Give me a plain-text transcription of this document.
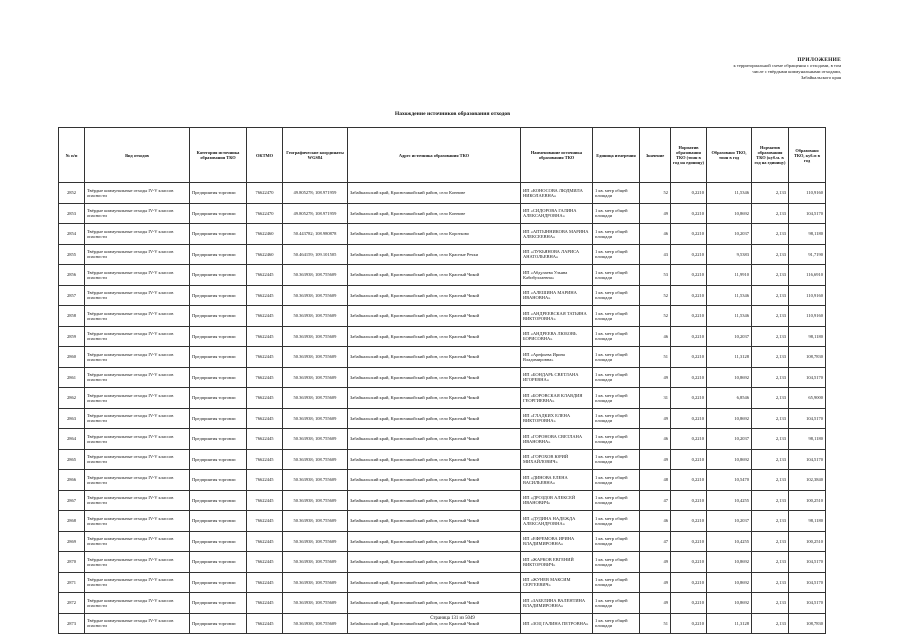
ПРИЛОЖЕНИЕ
к территориальной схеме обращения с отходами, в том
числе с твёрдыми коммунальными отходами,
Забайкальского края
Нахождение источников образования отходов
№ п/п	Вид отходов	Категория источника образования ТКО	ОКТМО	Географические координаты WGS84	Адрес источника образования ТКО	Наименование источника образования ТКО	Единица измерения	Значение	Норматив образования ТКО (тонн в год на единицу)	Образовано ТКО, тонн в год	Норматив образования ТКО (куб.м. в год на единицу)	Образовано ТКО, куб.м в год
2852	Твёрдые коммунальные отходы IV-V классов опасности	Предприятия торговли	76622470	49.805278; 108.971959	Забайкальский край, Красночикойский район, село Коннове	ИП «КОНОСОВА ЛЮДМИЛА НИКОЛАЕВНА»	1 кв. метр общей площади	52	0,2210	11,5346	2,133	110,9160
2853	Твёрдые коммунальные отходы IV-V классов опасности	Предприятия торговли	76622470	49.805278; 108.971959	Забайкальский край, Красночикойский район, село Коннове	ИП «СИДОРОВА ГАЛИНА АЛЕКСАНДРОВНА»	1 кв. метр общей площади	49	0,2210	10,8692	2,133	104,5170
2854	Твёрдые коммунальные отходы IV-V классов опасности	Предприятия торговли	76622460	50.443782; 108.980878	Забайкальский край, Красночикойский район, село Коротково	ИП «АПТЫННИКОВА МАРИНА АЛЕКСЕЕВНА»	1 кв. метр общей площади	46	0,2210	10,2037	2,133	98,1180
2855	Твёрдые коммунальные отходы IV-V классов опасности	Предприятия торговли	76622460	50.464159; 109.101505	Забайкальский край, Красночикойский район, село Красные Речки	ИП «ЛУКЬЯНОВА ЛАРИСА АНАТОЛЬЕВНА»	1 кв. метр общей площади	43	0,2210	9,5383	2,133	91,7190
2856	Твёрдые коммунальные отходы IV-V классов опасности	Предприятия торговли	76622445	50.363938; 108.755609	Забайкальский край, Красночикойский район, село Красный Чикой	ИП «Абдулаева Ульяна Кабибуллаевна»	1 кв. метр общей площади	53	0,2210	11,9910	2,133	116,6910
2857	Твёрдые коммунальные отходы IV-V классов опасности	Предприятия торговли	76622445	50.363938; 108.755609	Забайкальский край, Красночикойский район, село Красный Чикой	ИП «АЛЕШИНА МАРИНА ИВАНОВНА»	1 кв. метр общей площади	52	0,2210	11,5346	2,133	110,9160
2858	Твёрдые коммунальные отходы IV-V классов опасности	Предприятия торговли	76622445	50.363938; 108.755609	Забайкальский край, Красночикойский район, село Красный Чикой	ИП «АНДРЕЕВСКАЯ ТАТЬЯНА ВИКТОРОВНА»	1 кв. метр общей площади	52	0,2210	11,5346	2,133	110,9160
2859	Твёрдые коммунальные отходы IV-V классов опасности	Предприятия торговли	76622445	50.363938; 108.755609	Забайкальский край, Красночикойский район, село Красный Чикой	ИП «АНДРЕЕВА ЛЮБОВЬ БОРИСОВНА»	1 кв. метр общей площади	46	0,2210	10,2037	2,133	98,1180
2860	Твёрдые коммунальные отходы IV-V классов опасности	Предприятия торговли	76622445	50.363938; 108.755609	Забайкальский край, Красночикойский район, село Красный Чикой	ИП «Арефьева Ирина Владимировна»	1 кв. метр общей площади	51	0,2210	11,3128	2,133	108,7830
2861	Твёрдые коммунальные отходы IV-V классов опасности	Предприятия торговли	76622445	50.363938; 108.755609	Забайкальский край, Красночикойский район, село Красный Чикой	ИП «БОНДАРЬ СВЕТЛАНА ИГОРЕВНА»	1 кв. метр общей площади	49	0,2210	10,8692	2,133	104,5170
2862	Твёрдые коммунальные отходы IV-V классов опасности	Предприятия торговли	76622445	50.363938; 108.755609	Забайкальский край, Красночикойский район, село Красный Чикой	ИП «БОРОВСКАЯ КЛАВДИЯ ГЕОРГИЕВНА»	1 кв. метр общей площади	31	0,2210	6,8546	2,133	65,9000
2863	Твёрдые коммунальные отходы IV-V классов опасности	Предприятия торговли	76622445	50.363938; 108.755609	Забайкальский край, Красночикойский район, село Красный Чикой	ИП «ГЛАДКИХ ЕЛЕНА ВИКТОРОВНА»	1 кв. метр общей площади	49	0,2210	10,8692	2,133	104,5170
2864	Твёрдые коммунальные отходы IV-V классов опасности	Предприятия торговли	76622445	50.363938; 108.755609	Забайкальский край, Красночикойский район, село Красный Чикой	ИП «ГОРОНОВА СВЕТЛАНА ИВАНОВНА»	1 кв. метр общей площади	46	0,2210	10,2037	2,133	98,1180
2865	Твёрдые коммунальные отходы IV-V классов опасности	Предприятия торговли	76622445	50.363938; 108.755609	Забайкальский край, Красночикойский район, село Красный Чикой	ИП «ГОРОХОВ ЮРИЙ МИХАЙЛОВИЧ»	1 кв. метр общей площади	49	0,2210	10,8692	2,133	104,5170
2866	Твёрдые коммунальные отходы IV-V классов опасности	Предприятия торговли	76622445	50.363938; 108.755609	Забайкальский край, Красночикойский район, село Красный Чикой	ИП «ДИНОВА ЕЛЕНА ВАСИЛЬЕВНА»	1 кв. метр общей площади	48	0,2210	10,5470	2,133	102,3840
2867	Твёрдые коммунальные отходы IV-V классов опасности	Предприятия торговли	76622445	50.363938; 108.755609	Забайкальский край, Красночикойский район, село Красный Чикой	ИП «ДРОЗДОВ АЛЕКСЕЙ ИВАНОВИЧ»	1 кв. метр общей площади	47	0,2210	10,4255	2,133	100,2510
2868	Твёрдые коммунальные отходы IV-V классов опасности	Предприятия торговли	76622445	50.363938; 108.755609	Забайкальский край, Красночикойский район, село Красный Чикой	ИП «ДУДИНА НАДЕЖДА АЛЕКСАНДРОВНА»	1 кв. метр общей площади	46	0,2210	10,2037	2,133	98,1180
2869	Твёрдые коммунальные отходы IV-V классов опасности	Предприятия торговли	76622445	50.363938; 108.755609	Забайкальский край, Красночикойский район, село Красный Чикой	ИП «ЕФРЕМОВА ИРИНА ВЛАДИМИРОВНА»	1 кв. метр общей площади	47	0,2210	10,4255	2,133	100,2510
2870	Твёрдые коммунальные отходы IV-V классов опасности	Предприятия торговли	76622445	50.363938; 108.755609	Забайкальский край, Красночикойский район, село Красный Чикой	ИП «ЖАРКОВ ЕВГЕНИЙ ВИКТОРОВИЧ»	1 кв. метр общей площади	49	0,2210	10,8692	2,133	104,5170
2871	Твёрдые коммунальные отходы IV-V классов опасности	Предприятия торговли	76622445	50.363938; 108.755609	Забайкальский край, Красночикойский район, село Красный Чикой	ИП «ЖУНЕВ МАКСИМ СЕРГЕЕВИЧ»	1 кв. метр общей площади	49	0,2210	10,8692	2,133	104,5170
2872	Твёрдые коммунальные отходы IV-V классов опасности	Предприятия торговли	76622445	50.363938; 108.755609	Забайкальский край, Красночикойский район, село Красный Чикой	ИП «ЗАБЕЛИНА ВАЛЕНТИНА ВЛАДИМИРОВНА»	1 кв. метр общей площади	49	0,2210	10,8692	2,133	104,5170
2873	Твёрдые коммунальные отходы IV-V классов опасности	Предприятия торговли	76622445	50.363938; 108.755609	Забайкальский край, Красночикойский район, село Красный Чикой	ИП «ЗОЦ ГАЛИНА ПЕТРОВНА»	1 кв. метр общей площади	51	0,2210	11,3128	2,133	108,7830
Страница 131 из 5049
